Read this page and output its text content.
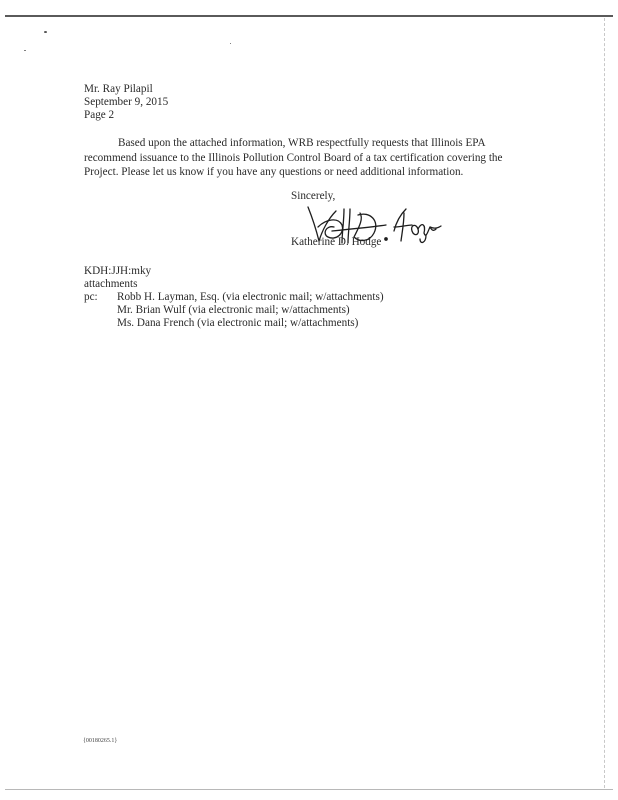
Mr. Ray Pilapil
September 9, 2015
Page 2
Based upon the attached information, WRB respectfully requests that Illinois EPA
recommend issuance to the Illinois Pollution Control Board of a tax certification covering the
Project. Please let us know if you have any questions or need additional information.
Sincerely,
Katherine D. Hodge
KDH:JJH:mky
attachments
pc: Robb H. Layman, Esq. (via electronic mail; w/attachments)
Mr. Brian Wulf (via electronic mail; w/attachments)
Ms. Dana French (via electronic mail; w/attachments)
{00180265.1}
